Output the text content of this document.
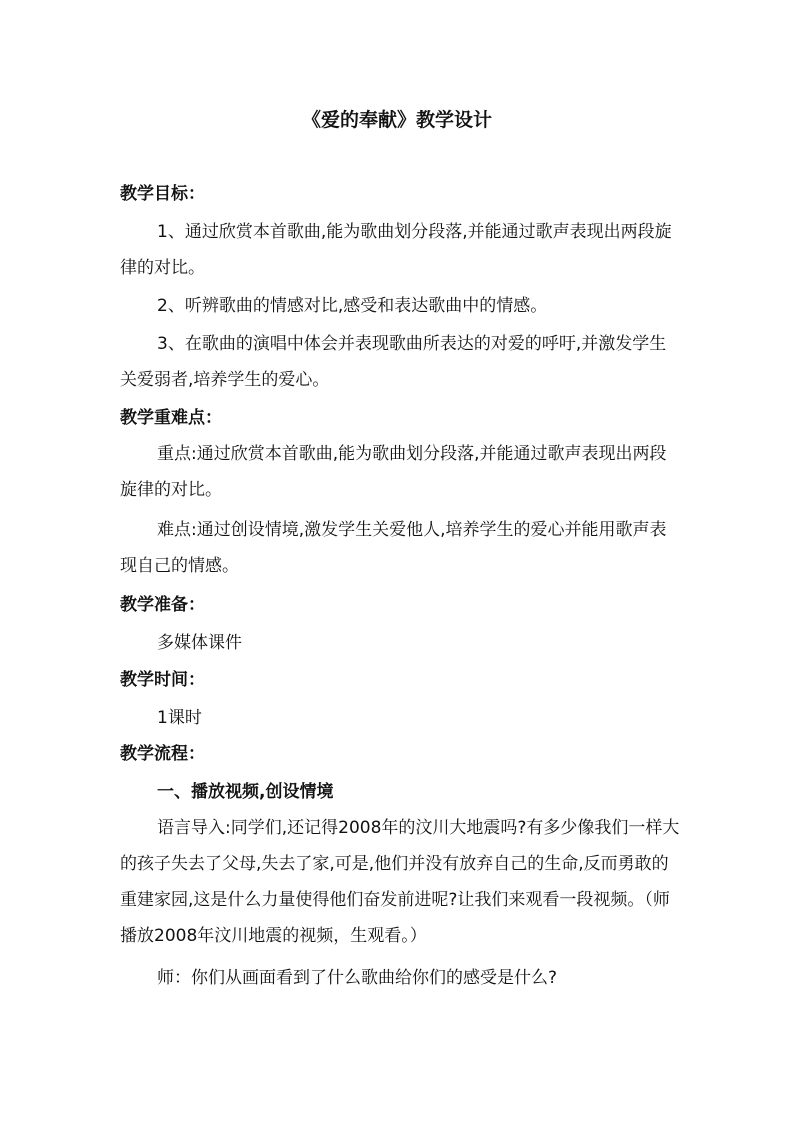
《爱的奉献》教学设计
教学目标：
1、通过欣赏本首歌曲,能为歌曲划分段落,并能通过歌声表现出两段旋律的对比。
2、听辨歌曲的情感对比,感受和表达歌曲中的情感。
3、在歌曲的演唱中体会并表现歌曲所表达的对爱的呼吁,并激发学生关爱弱者,培养学生的爱心。
教学重难点：
重点:通过欣赏本首歌曲,能为歌曲划分段落,并能通过歌声表现出两段旋律的对比。
难点:通过创设情境,激发学生关爱他人,培养学生的爱心并能用歌声表现自己的情感。
教学准备：
多媒体课件
教学时间：
1课时
教学流程：
一、播放视频,创设情境
语言导入:同学们,还记得2008年的汶川大地震吗?有多少像我们一样大的孩子失去了父母,失去了家,可是,他们并没有放弃自己的生命,反而勇敢的重建家园,这是什么力量使得他们奋发前进呢?让我们来观看一段视频。（师播放2008年汶川地震的视频，生观看。）
师：你们从画面看到了什么歌曲给你们的感受是什么?
